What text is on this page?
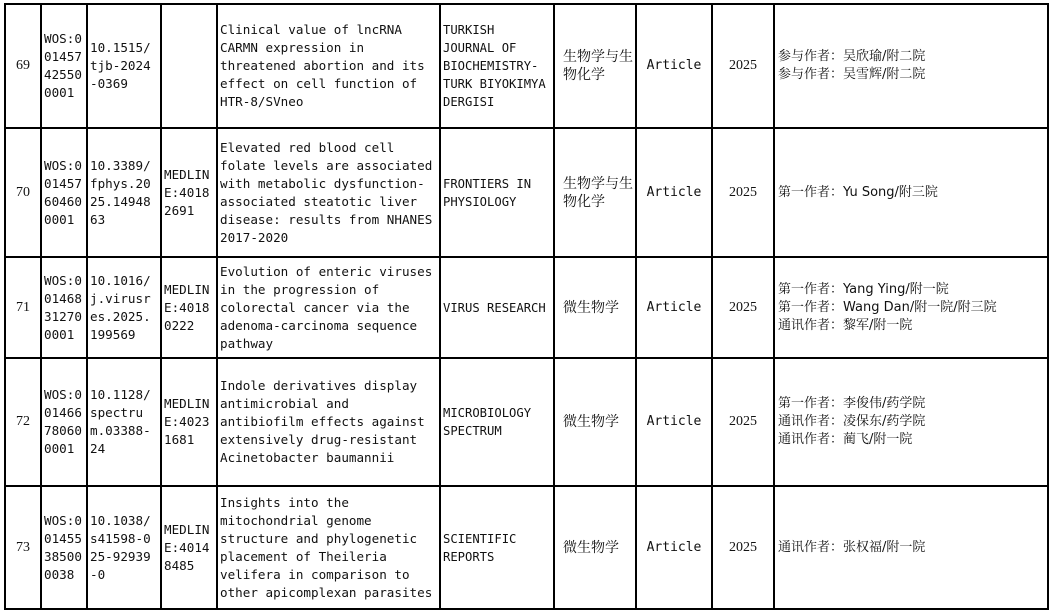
69	WOS:001457425500001	10.1515/tjb-2024-0369		Clinical value of lncRNA CARMN expression in threatened abortion and its effect on cell function of HTR-8/SVneo	TURKISH JOURNAL OF BIOCHEMISTRY-TURK BIYOKIMYA DERGISI	生物学与生物化学	Article	2025	参与作者：吴欣瑜/附二院
参与作者：吴雪辉/附二院

70	WOS:001457604600001	10.3389/fphys.2025.1494863	MEDLINE:40182691	Elevated red blood cell folate levels are associated with metabolic dysfunction-associated steatotic liver disease: results from NHANES 2017-2020	FRONTIERS IN PHYSIOLOGY	生物学与生物化学	Article	2025	第一作者：Yu Song/附三院

71	WOS:001468312700001	10.1016/j.virusres.2025.199569	MEDLINE:40180222	Evolution of enteric viruses in the progression of colorectal cancer via the adenoma-carcinoma sequence pathway	VIRUS RESEARCH	微生物学	Article	2025	第一作者：Yang Ying/附一院
第一作者：Wang Dan/附一院/附三院
通讯作者：黎军/附一院

72	WOS:001466780600001	10.1128/spectrum.03388-24	MEDLINE:40231681	Indole derivatives display antimicrobial and antibiofilm effects against extensively drug-resistant Acinetobacter baumannii	MICROBIOLOGY SPECTRUM	微生物学	Article	2025	第一作者：李俊伟/药学院
通讯作者：凌保东/药学院
通讯作者：蔺飞/附一院

73	WOS:001455385000038	10.1038/s41598-025-92939-0	MEDLINE:40148485	Insights into the mitochondrial genome structure and phylogenetic placement of Theileria velifera in comparison to other apicomplexan parasites	SCIENTIFIC REPORTS	微生物学	Article	2025	通讯作者：张权福/附一院
